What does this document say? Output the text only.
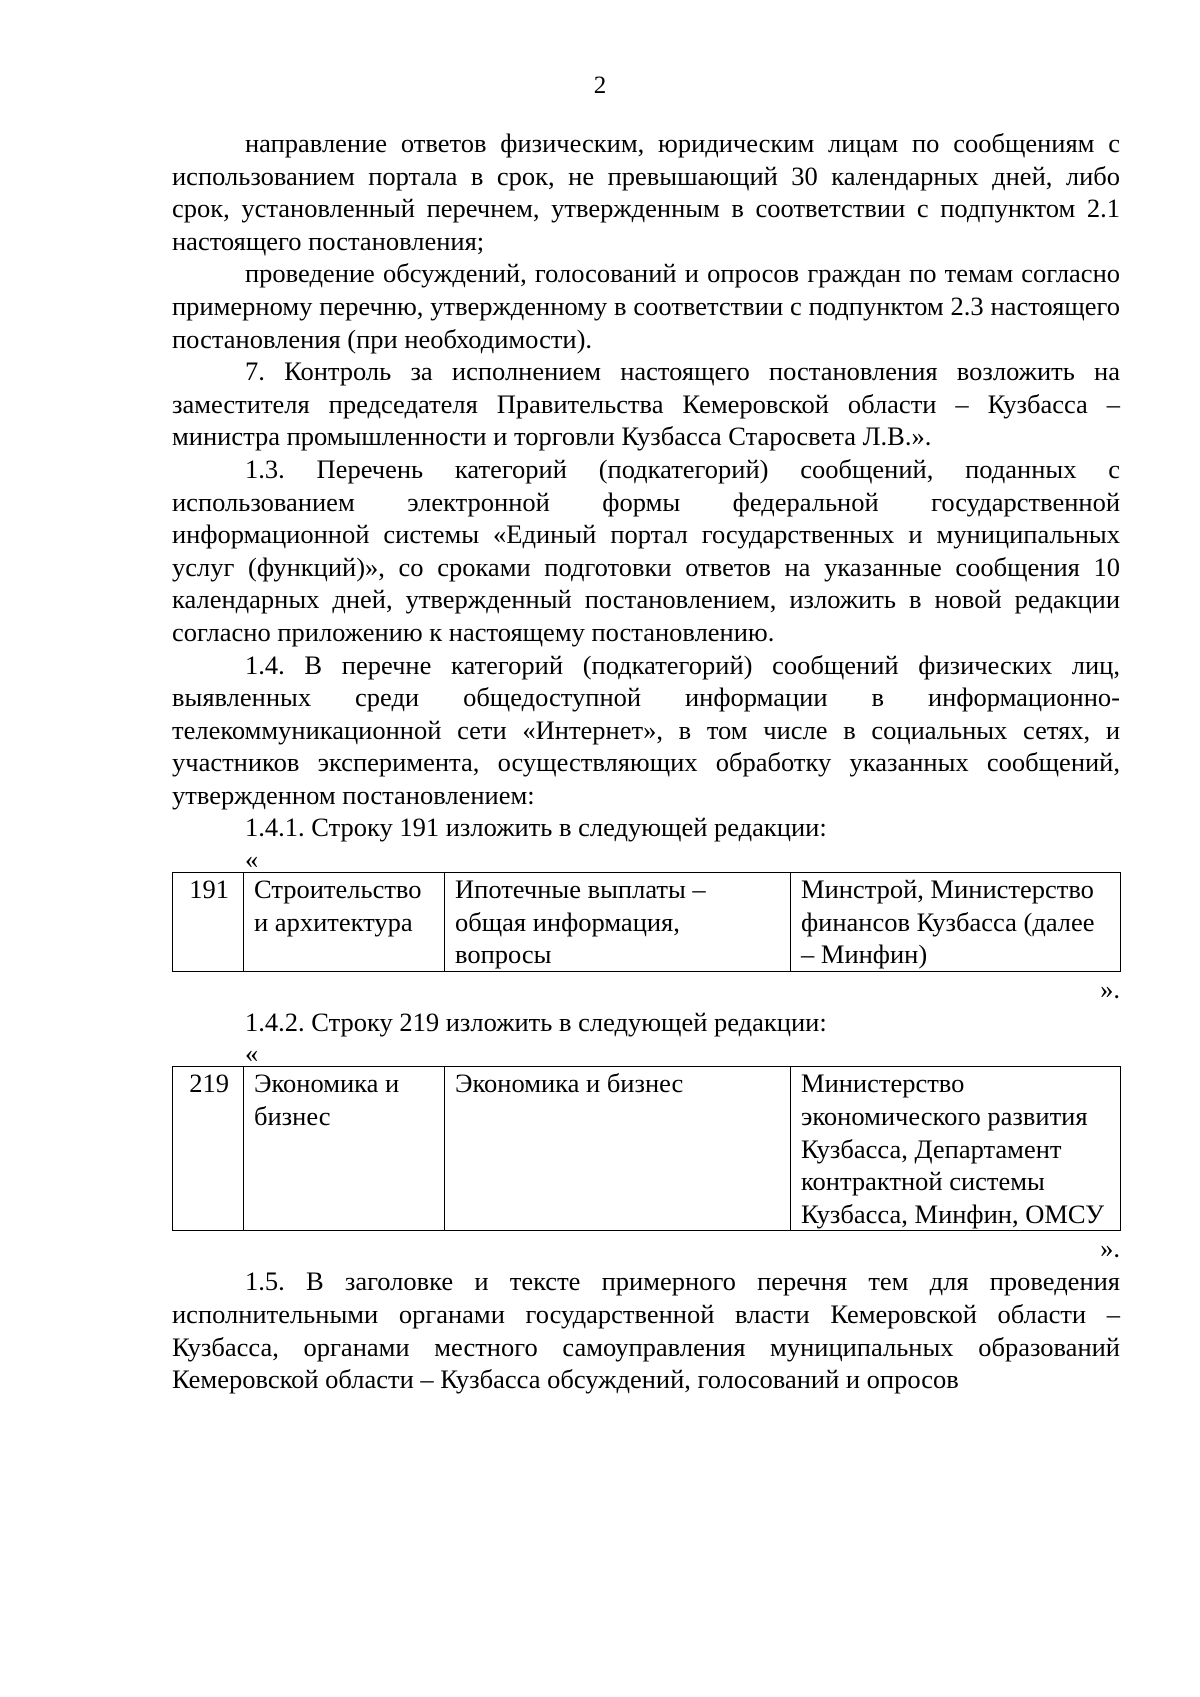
2

направление ответов физическим, юридическим лицам по сообщениям с использованием портала в срок, не превышающий 30 календарных дней, либо срок, установленный перечнем, утвержденным в соответствии с подпунктом 2.1 настоящего постановления;

проведение обсуждений, голосований и опросов граждан по темам согласно примерному перечню, утвержденному в соответствии с подпунктом 2.3 настоящего постановления (при необходимости).

7. Контроль за исполнением настоящего постановления возложить на заместителя председателя Правительства Кемеровской области – Кузбасса – министра промышленности и торговли Кузбасса Старосвета Л.В.».

1.3. Перечень категорий (подкатегорий) сообщений, поданных с использованием электронной формы федеральной государственной информационной системы «Единый портал государственных и муниципальных услуг (функций)», со сроками подготовки ответов на указанные сообщения 10 календарных дней, утвержденный постановлением, изложить в новой редакции согласно приложению к настоящему постановлению.

1.4. В перечне категорий (подкатегорий) сообщений физических лиц, выявленных среди общедоступной информации в информационно-телекоммуникационной сети «Интернет», в том числе в социальных сетях, и участников эксперимента, осуществляющих обработку указанных сообщений, утвержденном постановлением:

1.4.1. Строку 191 изложить в следующей редакции:

«

191	Строительство и архитектура	Ипотечные выплаты – общая информация, вопросы	Минстрой, Министерство финансов Кузбасса (далее – Минфин)

».

1.4.2. Строку 219 изложить в следующей редакции:

«

219	Экономика и бизнес	Экономика и бизнес	Министерство экономического развития Кузбасса, Департамент контрактной системы Кузбасса, Минфин, ОМСУ

».

1.5. В заголовке и тексте примерного перечня тем для проведения исполнительными органами государственной власти Кемеровской области – Кузбасса, органами местного самоуправления муниципальных образований Кемеровской области – Кузбасса обсуждений, голосований и опросов
